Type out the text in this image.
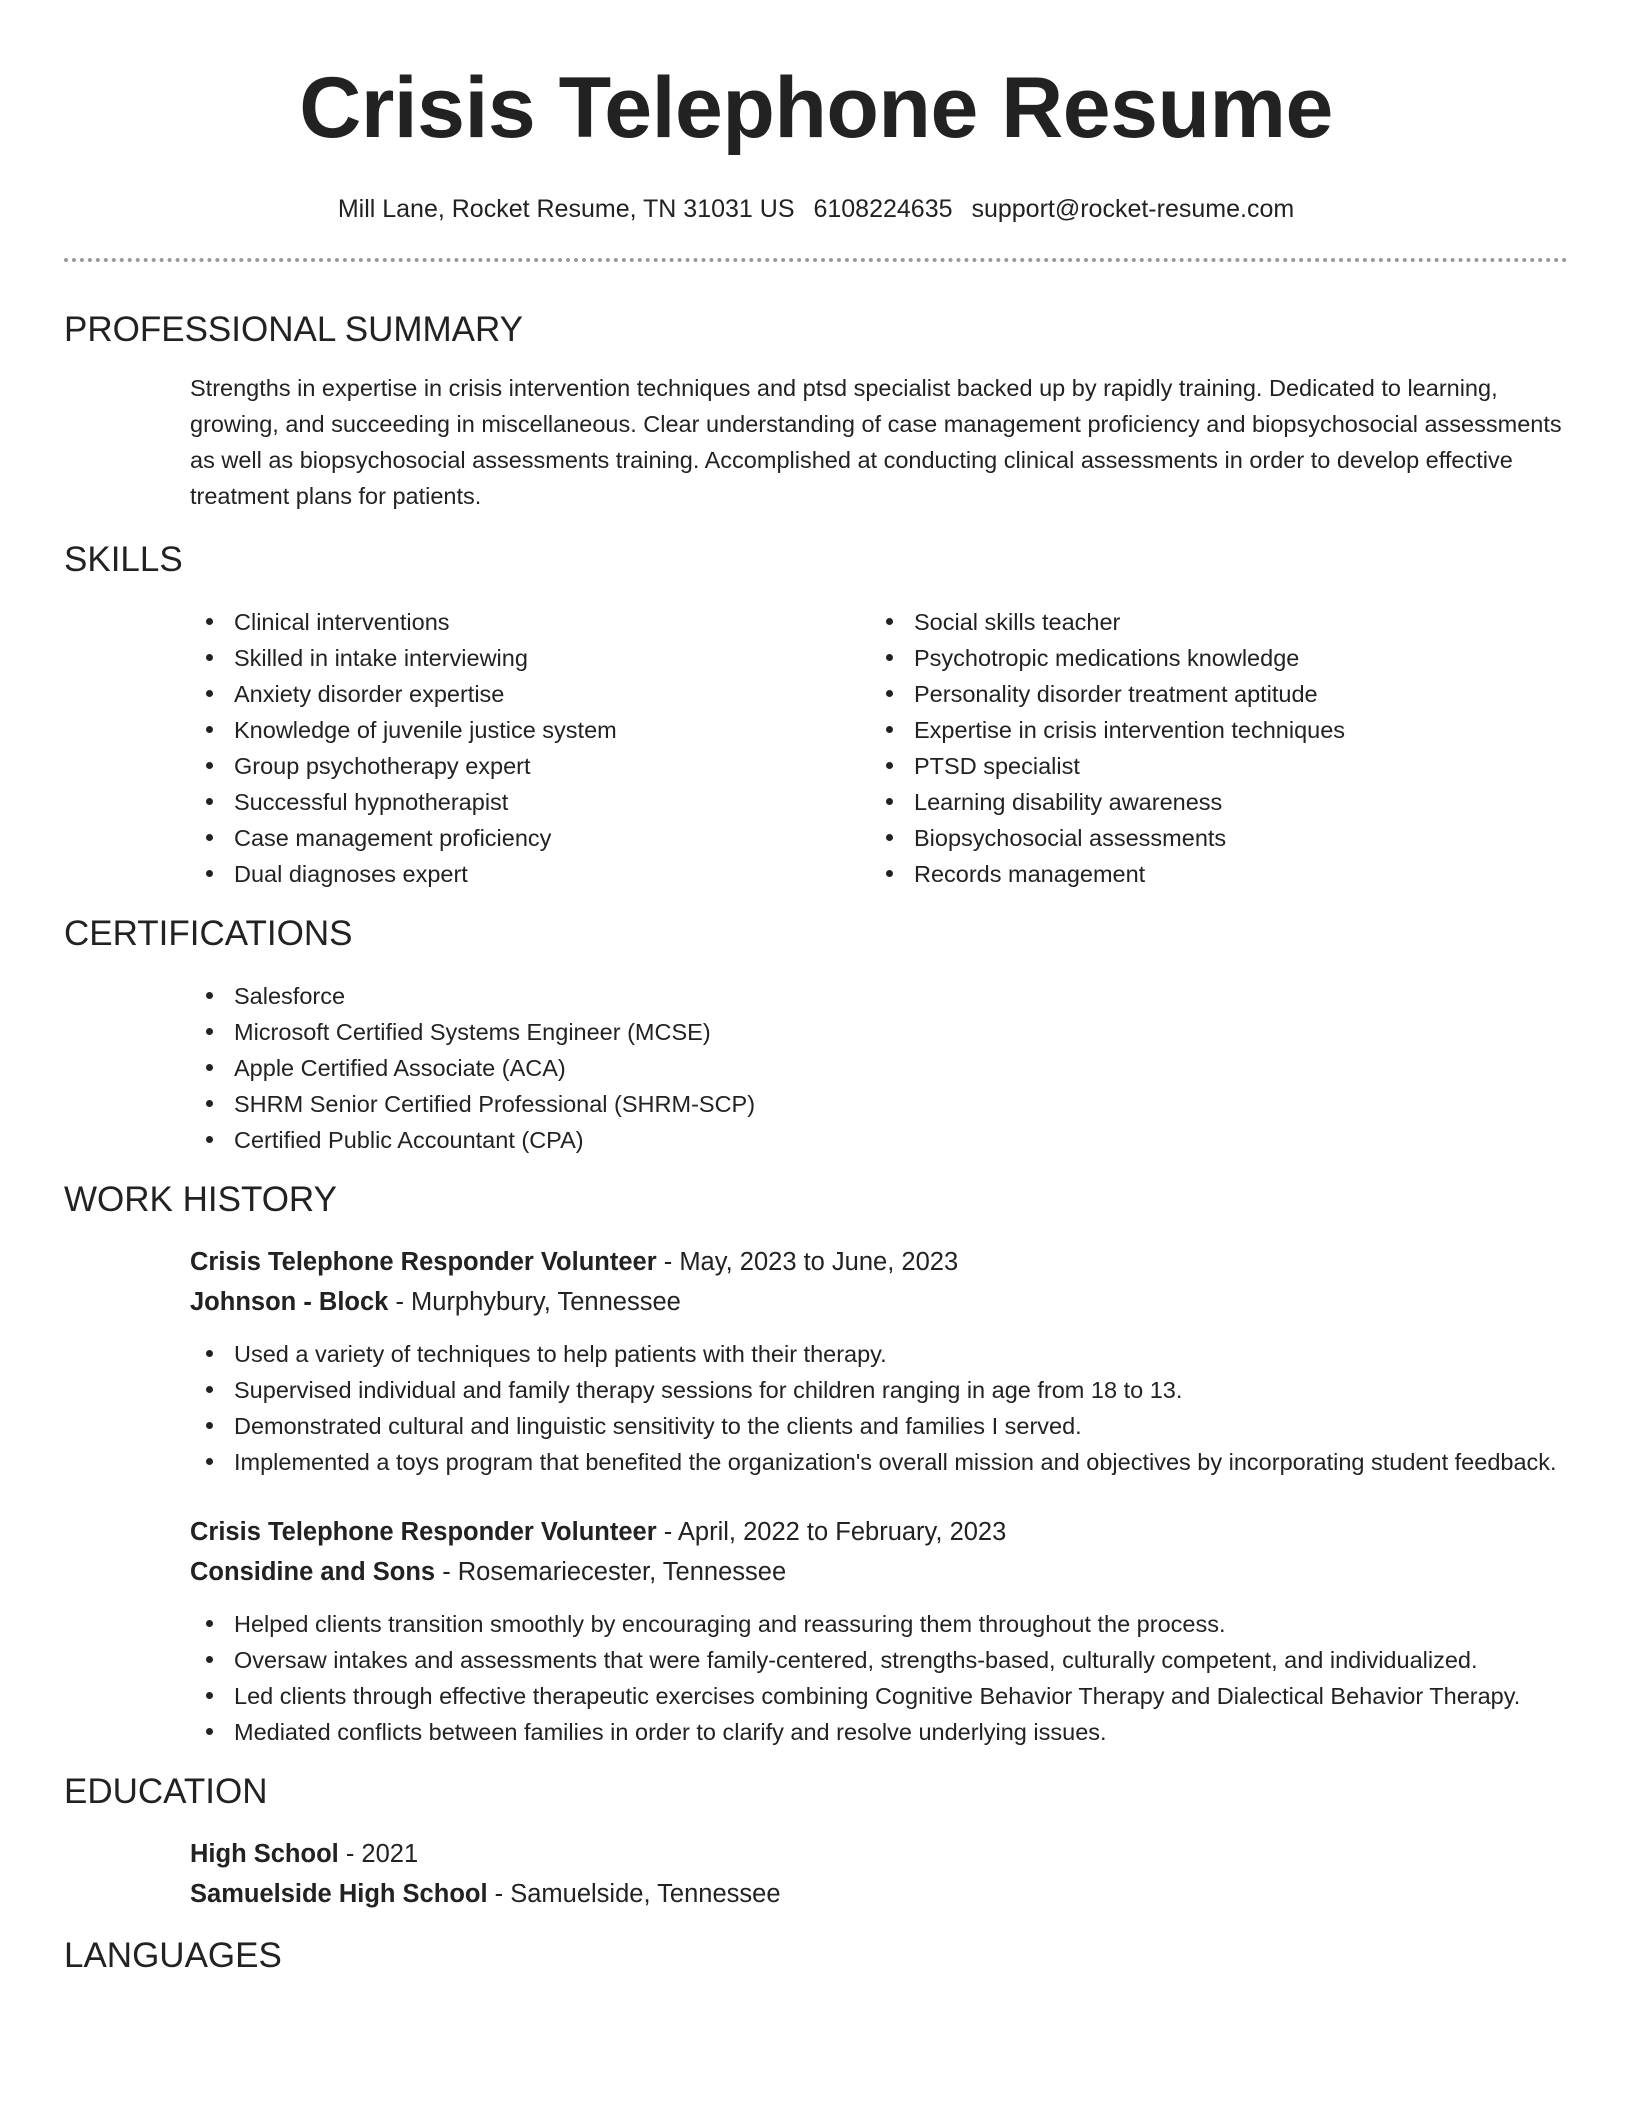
Crisis Telephone Resume
Mill Lane, Rocket Resume, TN 31031 US 6108224635 support@rocket-resume.com
PROFESSIONAL SUMMARY

Strengths in expertise in crisis intervention techniques and ptsd specialist backed up by rapidly training. Dedicated to learning, growing, and succeeding in miscellaneous. Clear understanding of case management proficiency and biopsychosocial assessments as well as biopsychosocial assessments training. Accomplished at conducting clinical assessments in order to develop effective treatment plans for patients.

SKILLS
Clinical interventions
Skilled in intake interviewing
Anxiety disorder expertise
Knowledge of juvenile justice system
Group psychotherapy expert
Successful hypnotherapist
Case management proficiency
Dual diagnoses expert
Social skills teacher
Psychotropic medications knowledge
Personality disorder treatment aptitude
Expertise in crisis intervention techniques
PTSD specialist
Learning disability awareness
Biopsychosocial assessments
Records management
CERTIFICATIONS
Salesforce
Microsoft Certified Systems Engineer (MCSE)
Apple Certified Associate (ACA)
SHRM Senior Certified Professional (SHRM-SCP)
Certified Public Accountant (CPA)
WORK HISTORY
Crisis Telephone Responder Volunteer - May, 2023 to June, 2023
Johnson - Block - Murphybury, Tennessee
Used a variety of techniques to help patients with their therapy.
Supervised individual and family therapy sessions for children ranging in age from 18 to 13.
Demonstrated cultural and linguistic sensitivity to the clients and families I served.
Implemented a toys program that benefited the organization's overall mission and objectives by incorporating student feedback.
Crisis Telephone Responder Volunteer - April, 2022 to February, 2023
Considine and Sons - Rosemariecester, Tennessee
Helped clients transition smoothly by encouraging and reassuring them throughout the process.
Oversaw intakes and assessments that were family-centered, strengths-based, culturally competent, and individualized.
Led clients through effective therapeutic exercises combining Cognitive Behavior Therapy and Dialectical Behavior Therapy.
Mediated conflicts between families in order to clarify and resolve underlying issues.
EDUCATION
High School - 2021
Samuelside High School - Samuelside, Tennessee
LANGUAGES
